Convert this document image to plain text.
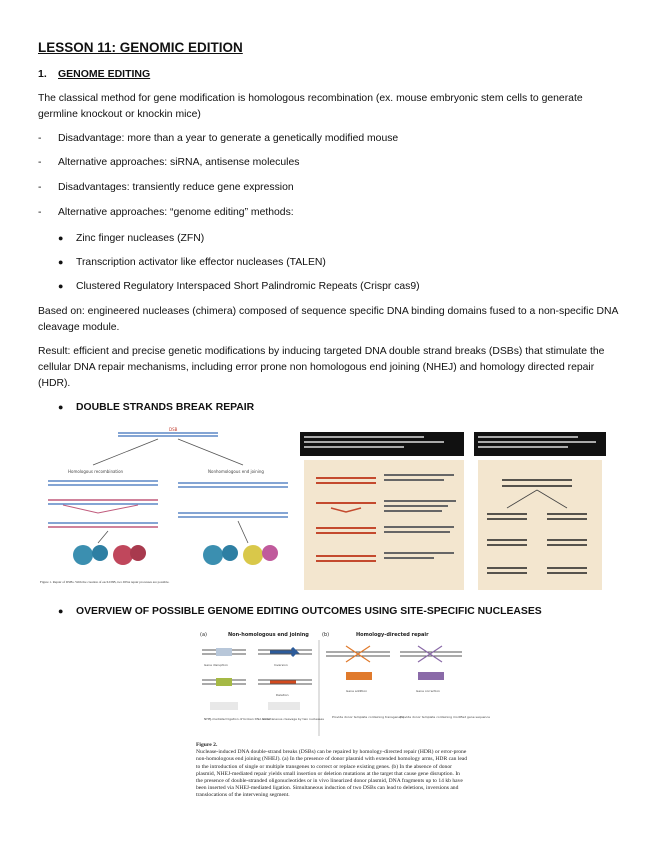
LESSON 11: GENOMIC EDITION
1. GENOME EDITING
The classical method for gene modification is homologous recombination (ex. mouse embryonic stem cells to generate germline knockout or knockin mice)
- Disadvantage: more than a year to generate a genetically modified mouse
- Alternative approaches: siRNA, antisense molecules
- Disadvantages: transiently reduce gene expression
- Alternative approaches: “genome editing” methods:
● Zinc finger nucleases (ZFN)
● Transcription activator like effector nucleases (TALEN)
● Clustered Regulatory Interspaced Short Palindromic Repeats (Crispr cas9)
Based on: engineered nucleases (chimera) composed of sequence specific DNA binding domains fused to a non-specific DNA cleavage module.
Result: efficient and precise genetic modifications by inducing targeted DNA double strand breaks (DSBs) that stimulate the cellular DNA repair mechanisms, including error prone non homologous end joining (NHEJ) and homology directed repair (HDR).
● DOUBLE STRANDS BREAK REPAIR
DSB
Homologous recombination	Nonhomologous end joining
Figure 1. Repair of DSBs. With the creation of each DSB, two DNA repair processes are possible.
● OVERVIEW OF POSSIBLE GENOME EDITING OUTCOMES USING SITE-SPECIFIC NUCLEASES
(a)	Non-homologous end joining	(b)	Homology-directed repair
Gene disruption	Inversion
Deletion
NHEJ-mediated ligation of broken DNA ends
Simultaneous cleavage by two nucleases
Gene addition	Gene correction
Provide donor template containing transgene(s)
Provide donor template containing modified gene sequence
Figure 2.
Nuclease-induced DNA double-strand breaks (DSBs) can be repaired by homology-directed repair (HDR) or error-prone non-homologous end joining (NHEJ). (a) In the presence of donor plasmid with extended homology arms, HDR can lead to the introduction of single or multiple transgenes to correct or replace existing genes. (b) In the absence of donor plasmid, NHEJ-mediated repair yields small insertion or deletion mutations at the target that cause gene disruption. In the presence of double-stranded oligonucleotides or in vivo linearized donor plasmid, DNA fragments up to 14 kb have been inserted via NHEJ-mediated ligation. Simultaneous induction of two DSBs can lead to deletions, inversions and translocations of the intervening segment.
